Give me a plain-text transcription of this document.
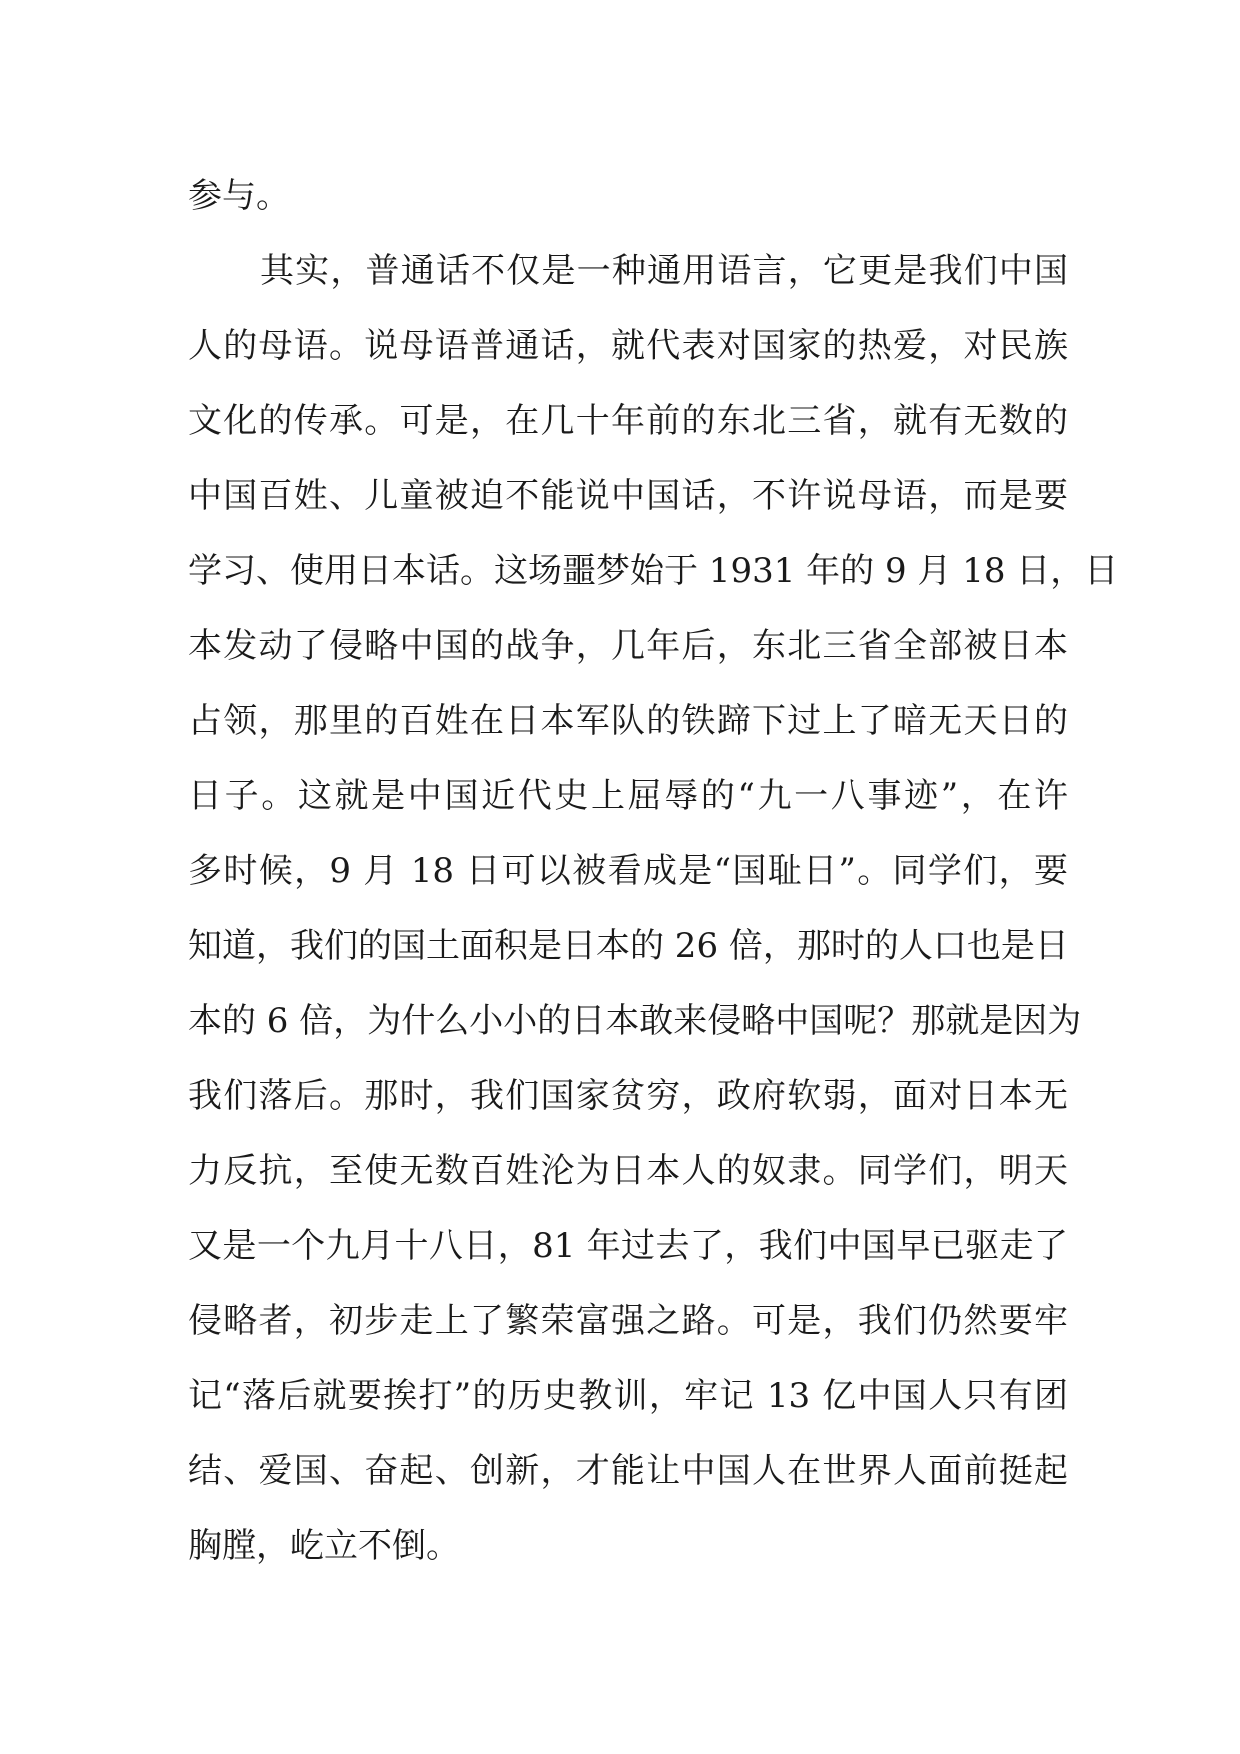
参与。
其实，普通话不仅是一种通用语言，它更是我们中国
人的母语。说母语普通话，就代表对国家的热爱，对民族
文化的传承。可是，在几十年前的东北三省，就有无数的
中国百姓、儿童被迫不能说中国话，不许说母语，而是要
学习、使用日本话。这场噩梦始于 1931 年的 9 月 18 日，日
本发动了侵略中国的战争，几年后，东北三省全部被日本
占领，那里的百姓在日本军队的铁蹄下过上了暗无天日的
日子。这就是中国近代史上屈辱的“九一八事迹”，在许
多时候，9 月 18 日可以被看成是“国耻日”。同学们，要
知道，我们的国土面积是日本的 26 倍，那时的人口也是日
本的 6 倍，为什么小小的日本敢来侵略中国呢？那就是因为
我们落后。那时，我们国家贫穷，政府软弱，面对日本无
力反抗，至使无数百姓沦为日本人的奴隶。同学们，明天
又是一个九月十八日，81 年过去了，我们中国早已驱走了
侵略者，初步走上了繁荣富强之路。可是，我们仍然要牢
记“落后就要挨打”的历史教训，牢记 13 亿中国人只有团
结、爱国、奋起、创新，才能让中国人在世界人面前挺起
胸膛，屹立不倒。
